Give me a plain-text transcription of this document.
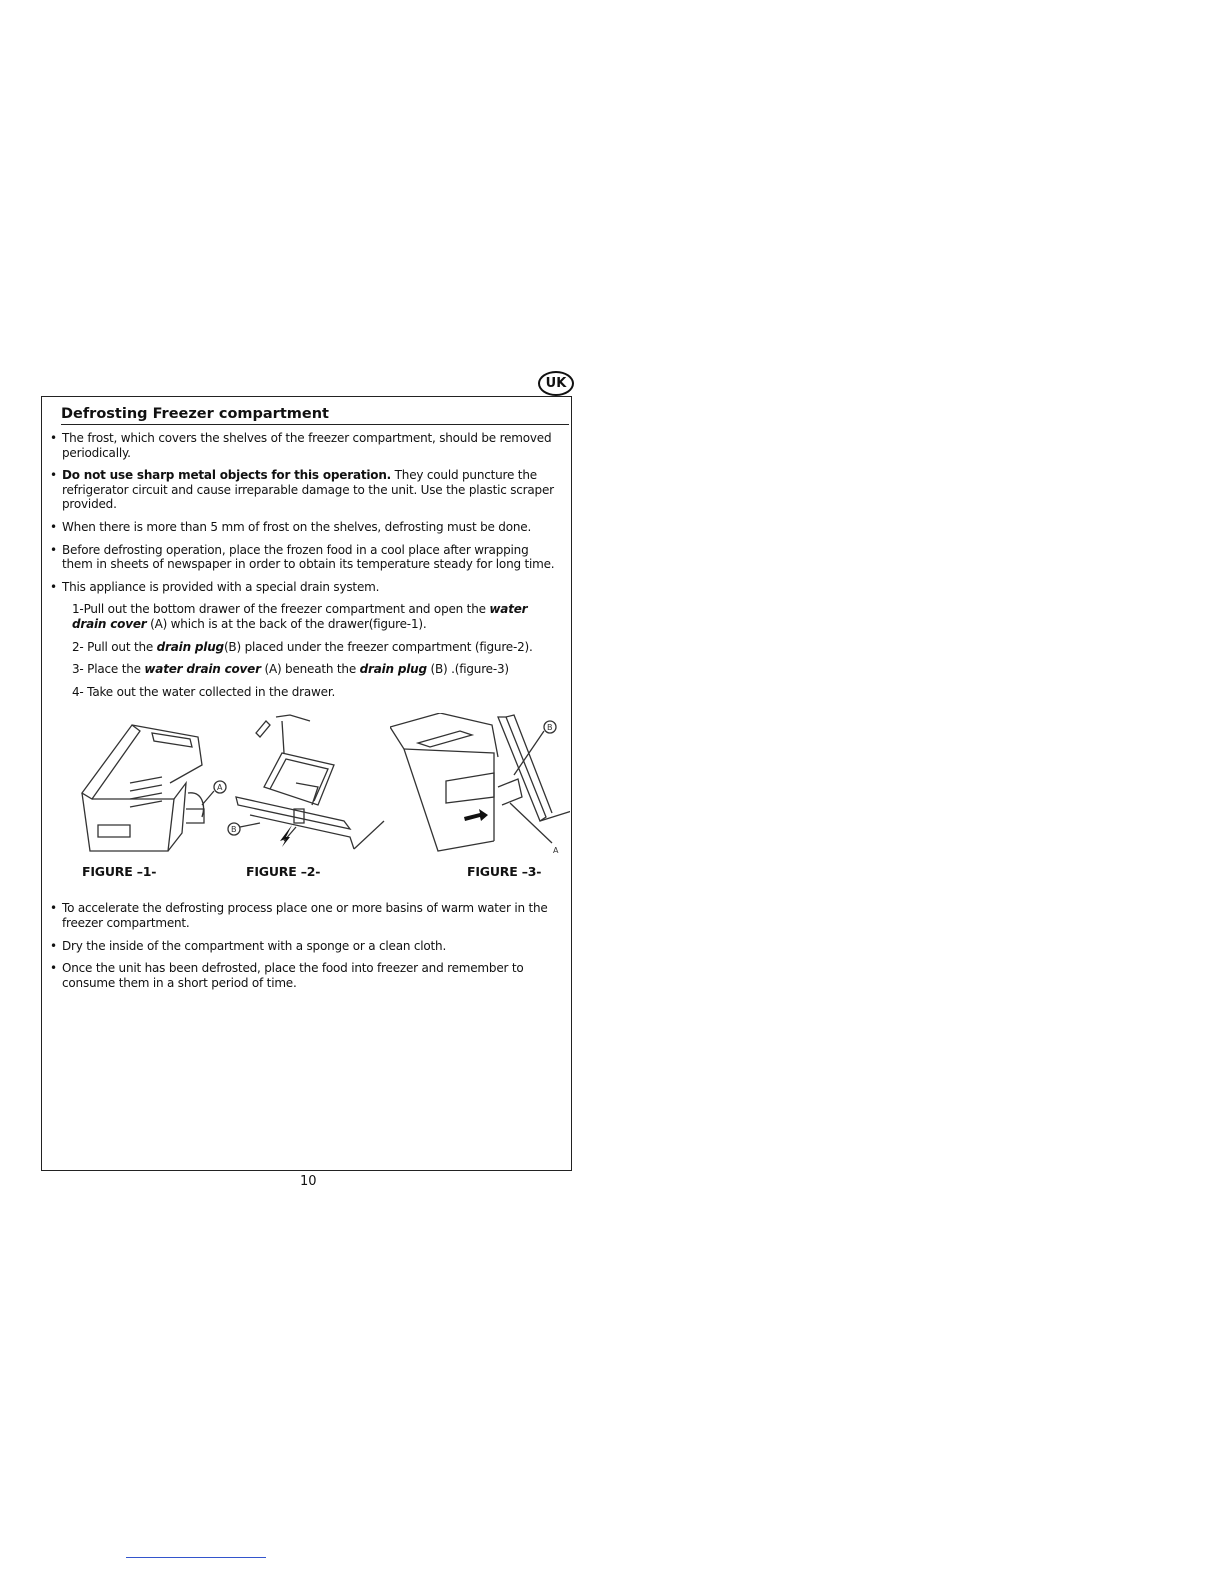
UK
Defrosting Freezer compartment
• The frost, which covers the shelves of the freezer compartment, should be removed periodically.
• Do not use sharp metal objects for this operation. They could puncture the refrigerator circuit and cause irreparable damage to the unit. Use the plastic scraper provided.
• When there is more than 5 mm of frost on the shelves, defrosting must be done.
• Before defrosting operation, place the frozen food in a cool place after wrapping them in sheets of newspaper in order to obtain its temperature steady for long time.
• This appliance is provided with a special drain system.
1-Pull out the bottom drawer of the freezer compartment and open the water drain cover (A) which is at the back of the drawer(figure-1).
2- Pull out the drain plug(B) placed under the freezer compartment (figure-2).
3- Place the water drain cover (A) beneath the drain plug (B) .(figure-3)
4- Take out the water collected in the drawer.
A
FIGURE –1-
B
FIGURE –2-
B
A
FIGURE –3-
• To accelerate the defrosting process place one or more basins of warm water in the freezer compartment.
• Dry the inside of the compartment with a sponge or a clean cloth.
• Once the unit has been defrosted, place the food into freezer and remember to consume them in a short period of time.
10
